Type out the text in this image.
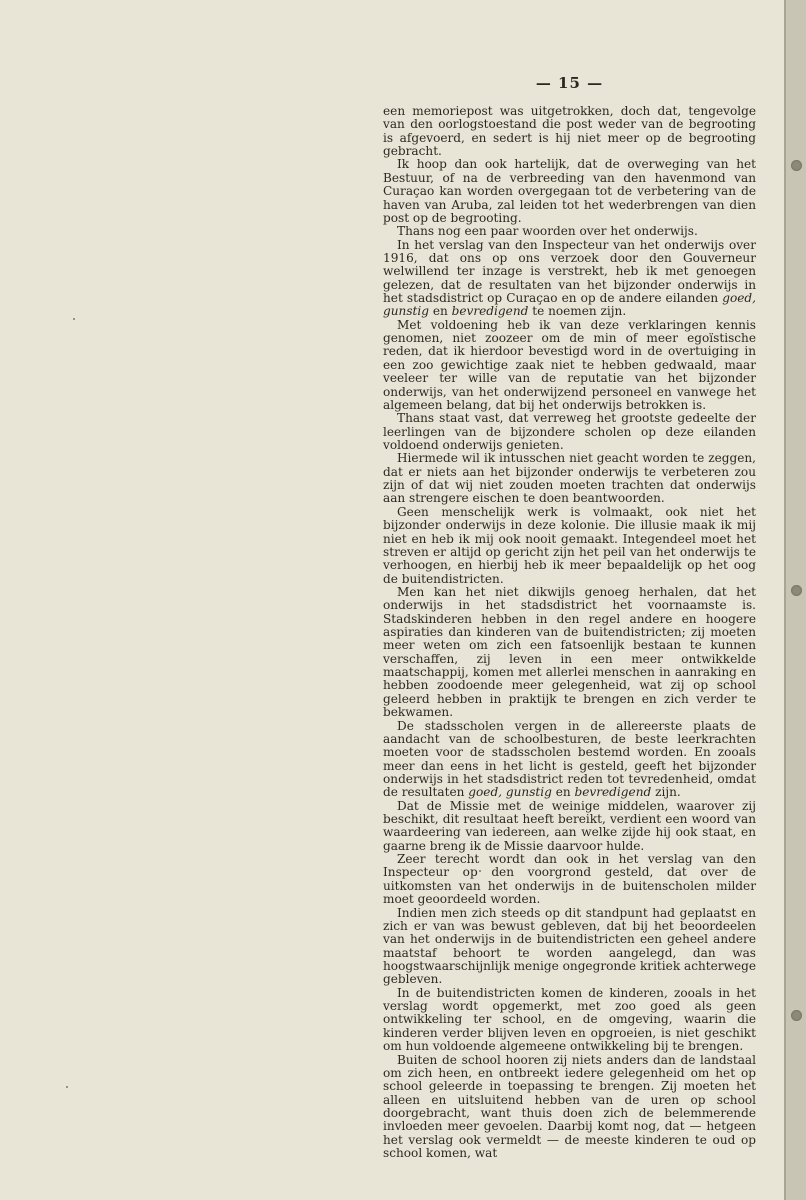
— 15 —

een memoriepost was uitgetrokken, doch dat, tengevolge van den oorlogstoestand die post weder van de begrooting is afgevoerd, en sedert is hij niet meer op de begrooting gebracht.

Ik hoop dan ook hartelijk, dat de overweging van het Bestuur, of na de verbreeding van den havenmond van Curaçao kan worden overgegaan tot de verbetering van de haven van Aruba, zal leiden tot het wederbrengen van dien post op de begrooting.

Thans nog een paar woorden over het onderwijs.

In het verslag van den Inspecteur van het onderwijs over 1916, dat ons op ons verzoek door den Gouverneur welwillend ter inzage is verstrekt, heb ik met genoegen gelezen, dat de resultaten van het bijzonder onderwijs in het stadsdistrict op Curaçao en op de andere eilanden goed, gunstig en bevredigend te noemen zijn.

Met voldoening heb ik van deze verklaringen kennis genomen, niet zoozeer om de min of meer egoïstische reden, dat ik hierdoor bevestigd word in de overtuiging in een zoo gewichtige zaak niet te hebben gedwaald, maar veeleer ter wille van de reputatie van het bijzonder onderwijs, van het onderwijzend personeel en vanwege het algemeen belang, dat bij het onderwijs betrokken is.

Thans staat vast, dat verreweg het grootste gedeelte der leerlingen van de bijzondere scholen op deze eilanden voldoend onderwijs genieten.

Hiermede wil ik intusschen niet geacht worden te zeggen, dat er niets aan het bijzonder onderwijs te verbeteren zou zijn of dat wij niet zouden moeten trachten dat onderwijs aan strengere eischen te doen beantwoorden.

Geen menschelijk werk is volmaakt, ook niet het bijzonder onderwijs in deze kolonie. Die illusie maak ik mij niet en heb ik mij ook nooit gemaakt. Integendeel moet het streven er altijd op gericht zijn het peil van het onderwijs te verhoogen, en hierbij heb ik meer bepaaldelijk op het oog de buitendistricten.

Men kan het niet dikwijls genoeg herhalen, dat het onderwijs in het stadsdistrict het voornaamste is. Stadskinderen hebben in den regel andere en hoogere aspiraties dan kinderen van de buitendistricten; zij moeten meer weten om zich een fatsoenlijk bestaan te kunnen verschaffen, zij leven in een meer ontwikkelde maatschappij, komen met allerlei menschen in aanraking en hebben zoodoende meer gelegenheid, wat zij op school geleerd hebben in praktijk te brengen en zich verder te bekwamen.

De stadsscholen vergen in de allereerste plaats de aandacht van de schoolbesturen, de beste leerkrachten moeten voor de stadsscholen bestemd worden. En zooals meer dan eens in het licht is gesteld, geeft het bijzonder onderwijs in het stadsdistrict reden tot tevredenheid, omdat de resultaten goed, gunstig en bevredigend zijn.

Dat de Missie met de weinige middelen, waarover zij beschikt, dit resultaat heeft bereikt, verdient een woord van waardeering van iedereen, aan welke zijde hij ook staat, en gaarne breng ik de Missie daarvoor hulde.

Zeer terecht wordt dan ook in het verslag van den Inspecteur op den voorgrond gesteld, dat over de uitkomsten van het onderwijs in de buitenscholen milder moet geoordeeld worden.

Indien men zich steeds op dit standpunt had geplaatst en zich er van was bewust gebleven, dat bij het beoordeelen van het onderwijs in de buitendistricten een geheel andere maatstaf behoort te worden aangelegd, dan was hoogstwaarschijnlijk menige ongegronde kritiek achterwege gebleven.

In de buitendistricten komen de kinderen, zooals in het verslag wordt opgemerkt, met zoo goed als geen ontwikkeling ter school, en de omgeving, waarin die kinderen verder blijven leven en opgroeien, is niet geschikt om hun voldoende algemeene ontwikkeling bij te brengen.

Buiten de school hooren zij niets anders dan de landstaal om zich heen, en ontbreekt iedere gelegenheid om het op school geleerde in toepassing te brengen. Zij moeten het alleen en uitsluitend hebben van de uren op school doorgebracht, want thuis doen zich de belemmerende invloeden meer gevoelen. Daarbij komt nog, dat — hetgeen het verslag ook vermeldt — de meeste kinderen te oud op school komen, wat
